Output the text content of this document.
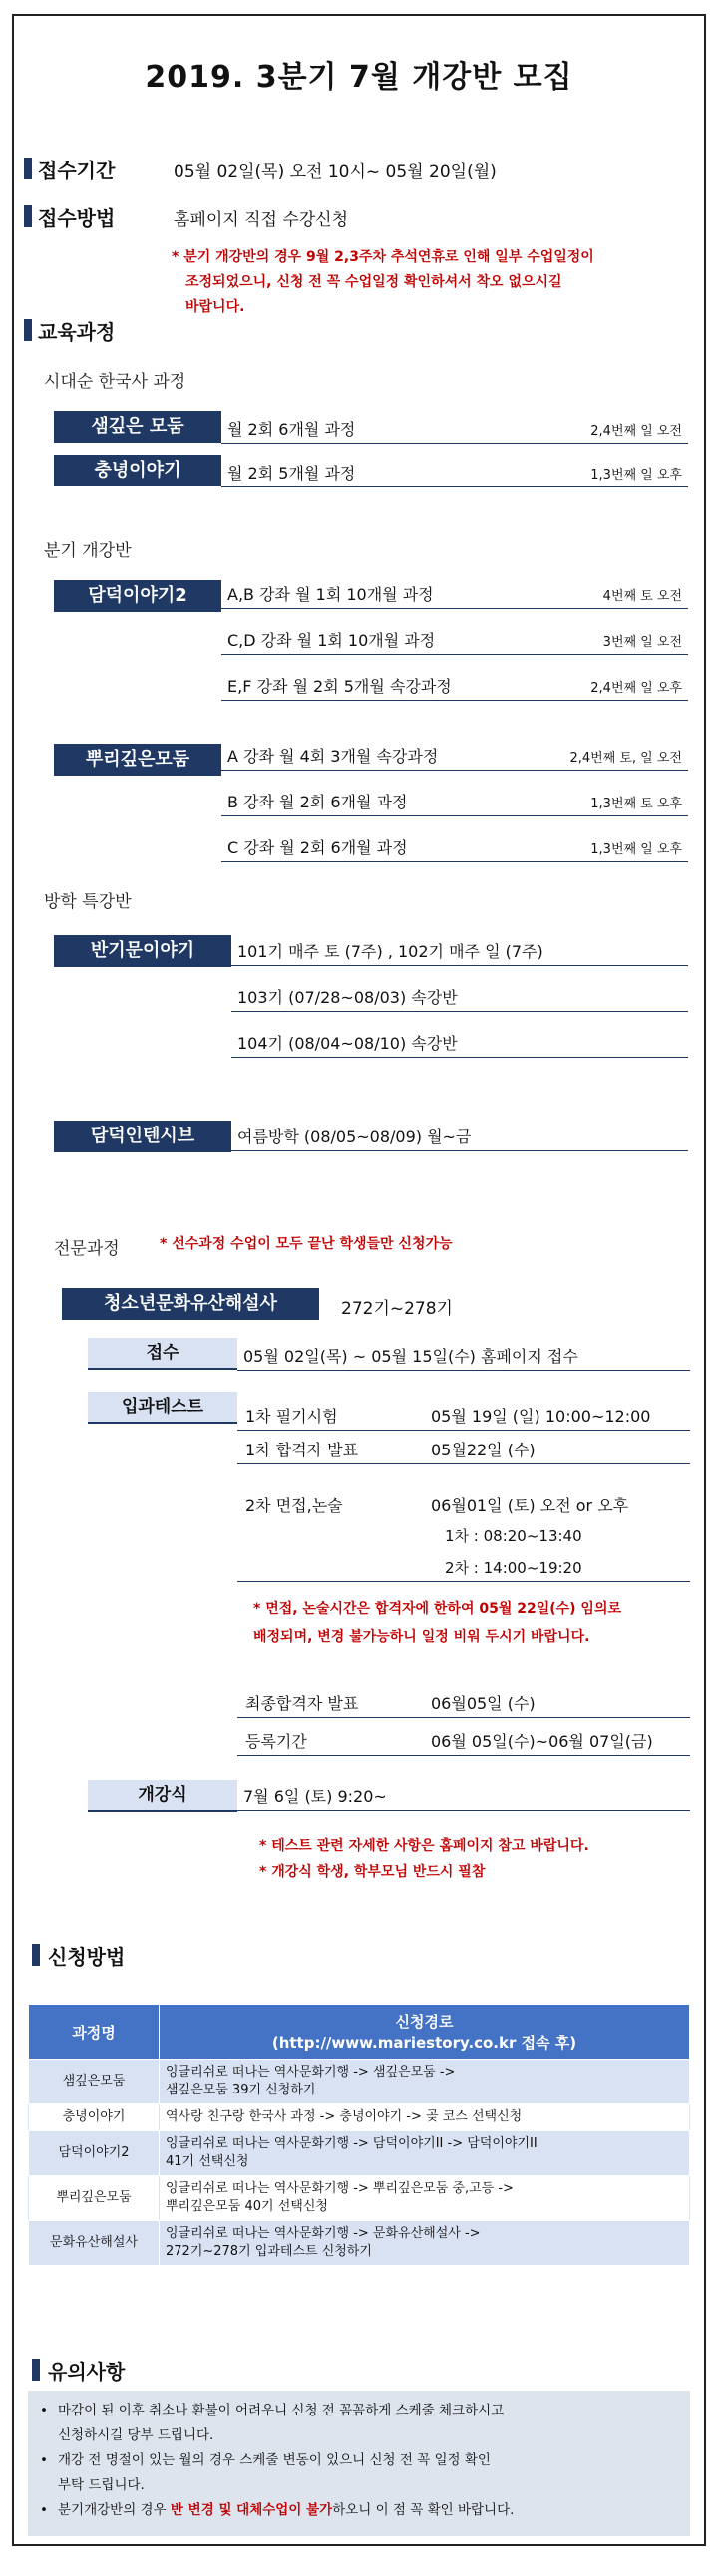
2019. 3분기 7월 개강반 모집
접수기간	05월 02일(목) 오전 10시~ 05월 20일(월)
접수방법	홈페이지 직접 수강신청
* 분기 개강반의 경우 9월 2,3주차 추석연휴로 인해 일부 수업일정이
조정되었으니, 신청 전 꼭 수업일정 확인하셔서 착오 없으시길
바랍니다.
교육과정
시대순 한국사 과정
샘깊은 모둠	월 2회 6개월 과정	2,4번째 일 오전
충녕이야기	월 2회 5개월 과정	1,3번째 일 오후
분기 개강반
담덕이야기2	A,B 강좌 월 1회 10개월 과정	4번째 토 오전
C,D 강좌 월 1회 10개월 과정	3번째 일 오전
E,F 강좌 월 2회 5개월 속강과정	2,4번째 일 오후
뿌리깊은모둠	A 강좌 월 4회 3개월 속강과정	2,4번째 토, 일 오전
B 강좌 월 2회 6개월 과정	1,3번째 토 오후
C 강좌 월 2회 6개월 과정	1,3번째 일 오후
방학 특강반
반기문이야기	101기 매주 토 (7주) , 102기 매주 일 (7주)
103기 (07/28~08/03) 속강반
104기 (08/04~08/10) 속강반
담덕인텐시브	여름방학 (08/05~08/09) 월~금
전문과정	* 선수과정 수업이 모두 끝난 학생들만 신청가능
청소년문화유산해설사	272기~278기
접수	05월 02일(목) ~ 05월 15일(수) 홈페이지 접수
입과테스트	1차 필기시험	05월 19일 (일) 10:00~12:00
1차 합격자 발표	05월22일 (수)
2차 면접,논술	06월01일 (토) 오전 or 오후
1차 : 08:20~13:40
2차 : 14:00~19:20
* 면접, 논술시간은 합격자에 한하여 05월 22일(수) 임의로
배정되며, 변경 불가능하니 일정 비워 두시기 바랍니다.
최종합격자 발표	06월05일 (수)
등록기간	06월 05일(수)~06월 07일(금)
개강식	7월 6일 (토) 9:20~
* 테스트 관련 자세한 사항은 홈페이지 참고 바랍니다.
* 개강식 학생, 학부모님 반드시 필참
신청방법
과정명	신청경로
(http://www.mariestory.co.kr 접속 후)

샘깊은모둠	잉글리쉬로 떠나는 역사문화기행 -> 샘깊은모둠 ->
샘깊은모둠 39기 신청하기

충녕이야기	역사랑 친구랑 한국사 과정 -> 충녕이야기 -> 곶 코스 선택신청

담덕이야기2	잉글리쉬로 떠나는 역사문화기행 -> 담덕이야기II -> 담덕이야기II
41기 선택신청

뿌리깊은모둠	잉글리쉬로 떠나는 역사문화기행 -> 뿌리깊은모둠 중,고등 ->
뿌리깊은모둠 40기 선택신청

문화유산해설사	잉글리쉬로 떠나는 역사문화기행 -> 문화유산해설사 ->
272기~278기 입과테스트 신청하기
유의사항
• 마감이 된 이후 취소나 환불이 어려우니 신청 전 꼼꼼하게 스케줄 체크하시고
신청하시길 당부 드립니다.
• 개강 전 명절이 있는 월의 경우 스케줄 변동이 있으니 신청 전 꼭 일정 확인
부탁 드립니다.
• 분기개강반의 경우 반 변경 및 대체수업이 불가하오니 이 점 꼭 확인 바랍니다.
